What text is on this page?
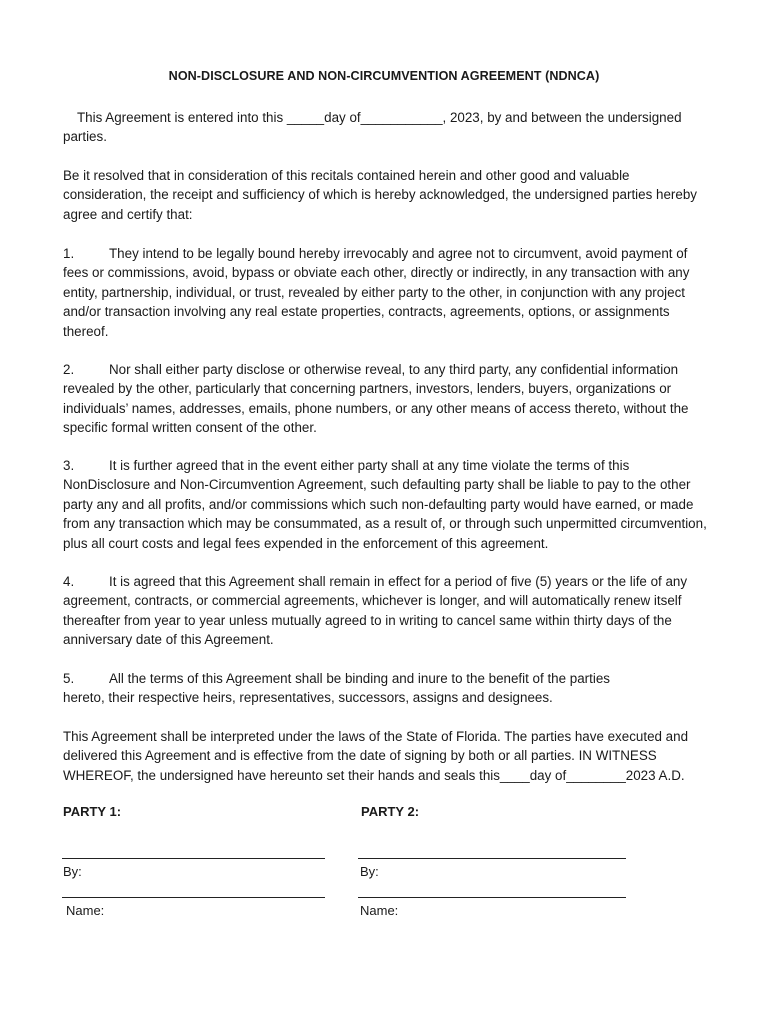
NON-DISCLOSURE AND NON-CIRCUMVENTION AGREEMENT (NDNCA)

This Agreement is entered into this _____day of___________, 2023, by and between the undersigned parties.

Be it resolved that in consideration of this recitals contained herein and other good and valuable consideration, the receipt and sufficiency of which is hereby acknowledged, the undersigned parties hereby agree and certify that:

1.	They intend to be legally bound hereby irrevocably and agree not to circumvent, avoid payment of fees or commissions, avoid, bypass or obviate each other, directly or indirectly, in any transaction with any entity, partnership, individual, or trust, revealed by either party to the other, in conjunction with any project and/or transaction involving any real estate properties, contracts, agreements, options, or assignments thereof.

2.	Nor shall either party disclose or otherwise reveal, to any third party, any confidential information revealed by the other, particularly that concerning partners, investors, lenders, buyers, organizations or individuals’ names, addresses, emails, phone numbers, or any other means of access thereto, without the specific formal written consent of the other.

3.	It is further agreed that in the event either party shall at any time violate the terms of this NonDisclosure and Non-Circumvention Agreement, such defaulting party shall be liable to pay to the other party any and all profits, and/or commissions which such non-defaulting party would have earned, or made from any transaction which may be consummated, as a result of, or through such unpermitted circumvention, plus all court costs and legal fees expended in the enforcement of this agreement.

4.	It is agreed that this Agreement shall remain in effect for a period of five (5) years or the life of any agreement, contracts, or commercial agreements, whichever is longer, and will automatically renew itself thereafter from year to year unless mutually agreed to in writing to cancel same within thirty days of the anniversary date of this Agreement.

5.	All the terms of this Agreement shall be binding and inure to the benefit of the parties hereto, their respective heirs, representatives, successors, assigns and designees.

This Agreement shall be interpreted under the laws of the State of Florida. The parties have executed and delivered this Agreement and is effective from the date of signing by both or all parties. IN WITNESS WHEREOF, the undersigned have hereunto set their hands and seals this____day of________2023 A.D.

PARTY 1:	PARTY 2:
By:	By:
Name:	Name:
